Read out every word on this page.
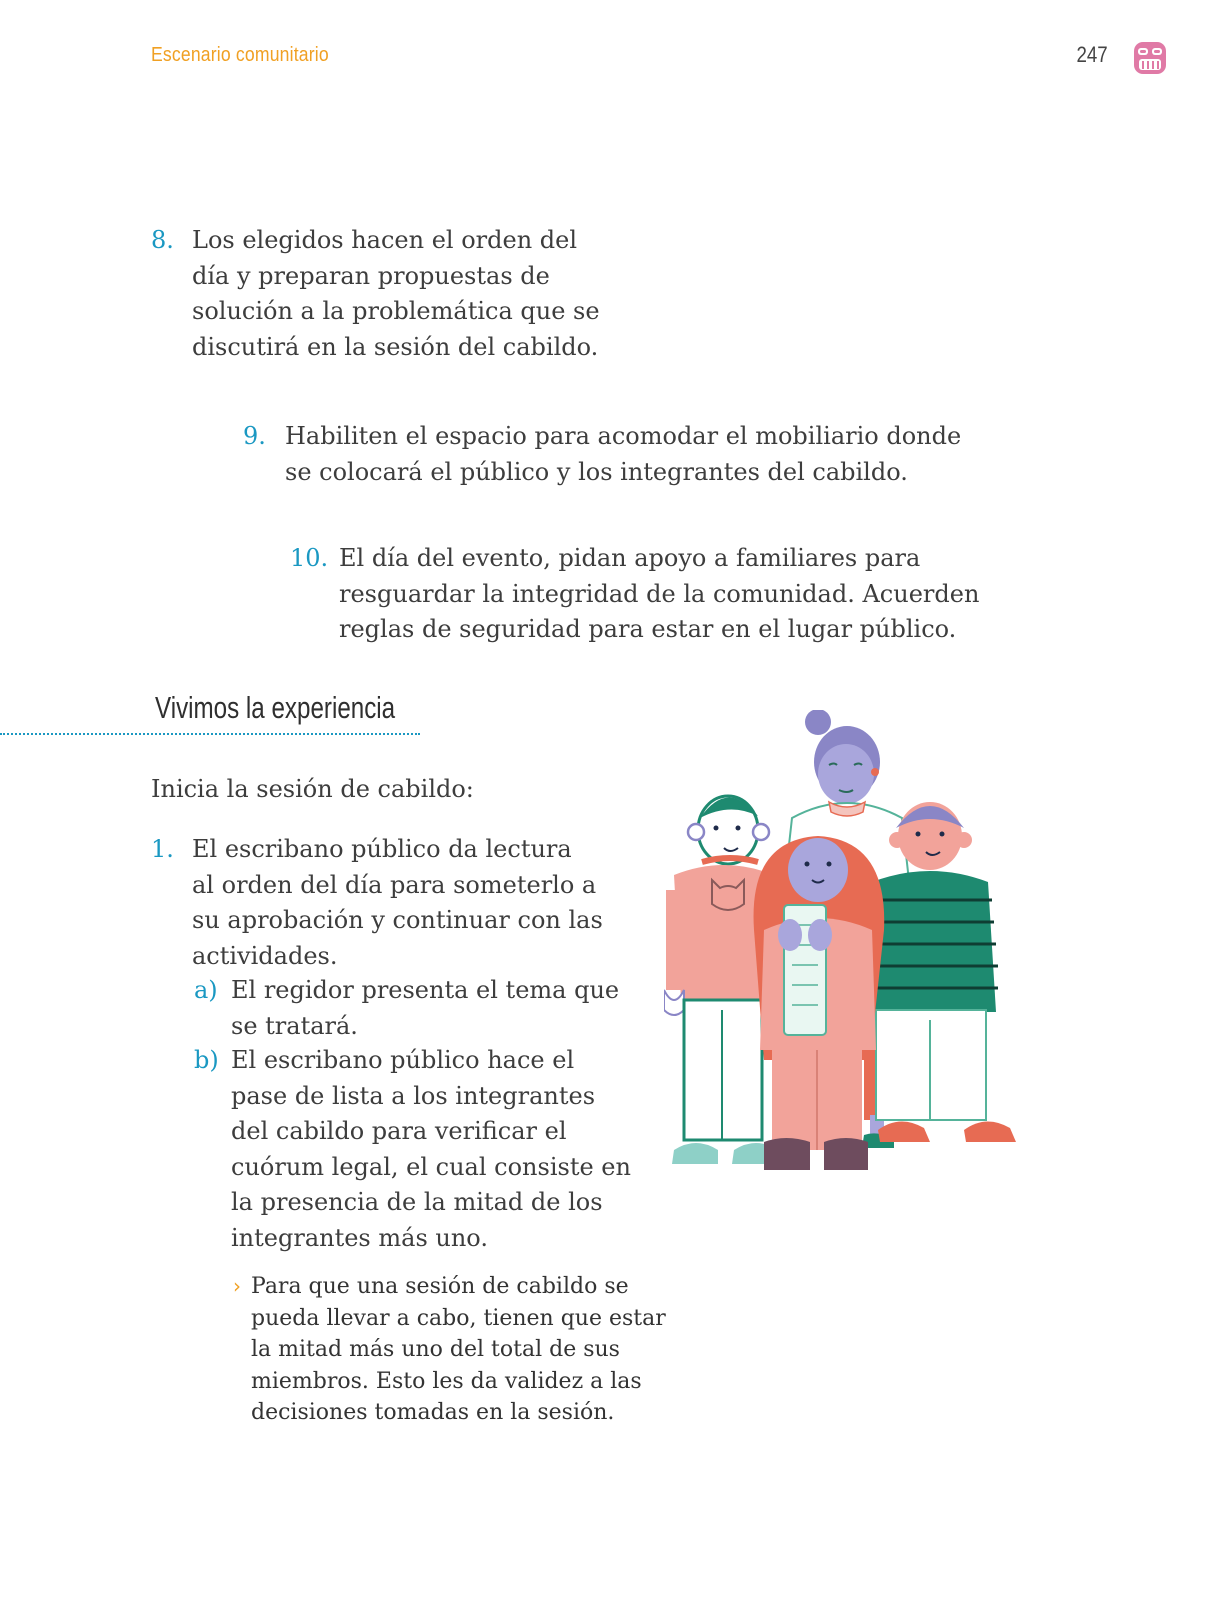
Escenario comunitario	247
8. Los elegidos hacen el orden del
día y preparan propuestas de
solución a la problemática que se
discutirá en la sesión del cabildo.
9. Habiliten el espacio para acomodar el mobiliario donde
se colocará el público y los integrantes del cabildo.
10. El día del evento, pidan apoyo a familiares para
resguardar la integridad de la comunidad. Acuerden
reglas de seguridad para estar en el lugar público.
Vivimos la experiencia
Inicia la sesión de cabildo:
1. El escribano público da lectura
al orden del día para someterlo a
su aprobación y continuar con las
actividades.
a) El regidor presenta el tema que
se tratará.
b) El escribano público hace el
pase de lista a los integrantes
del cabildo para verificar el
cuórum legal, el cual consiste en
la presencia de la mitad de los
integrantes más uno.
› Para que una sesión de cabildo se
pueda llevar a cabo, tienen que estar
la mitad más uno del total de sus
miembros. Esto les da validez a las
decisiones tomadas en la sesión.
